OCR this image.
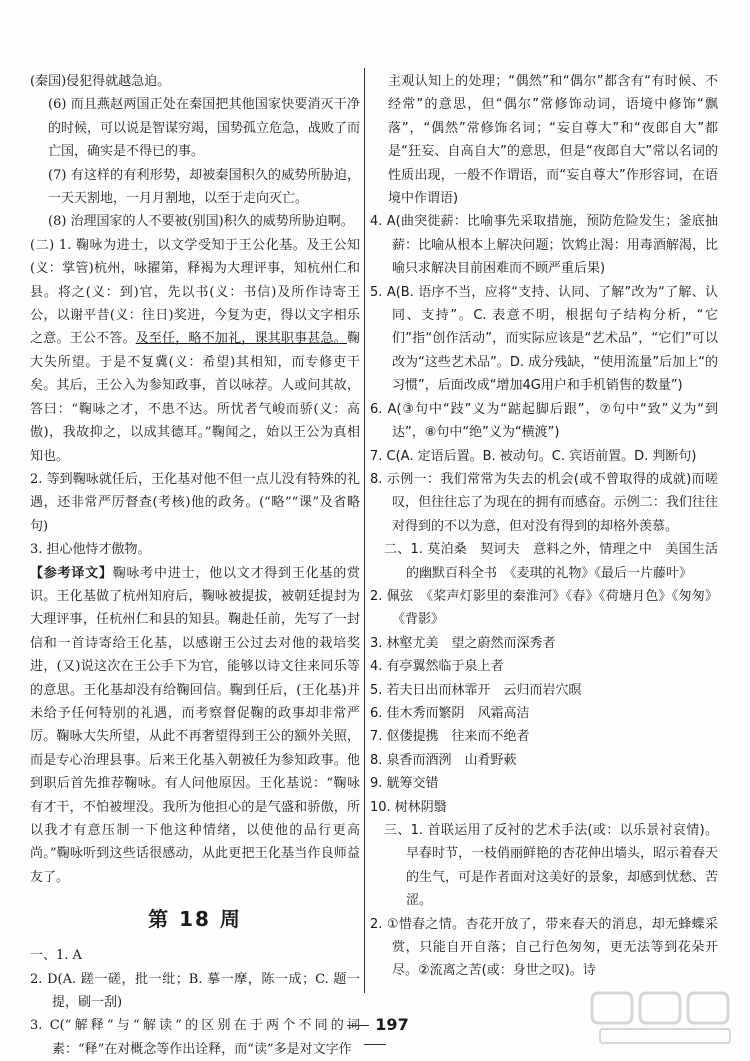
(秦国)侵犯得就越急迫。

(6) 而且燕赵两国正处在秦国把其他国家快要消灭干净的时候，可以说是智谋穷竭，国势孤立危急，战败了而亡国，确实是不得已的事。

(7) 有这样的有利形势，却被秦国积久的威势所胁迫，一天天割地，一月月割地，以至于走向灭亡。

(8) 治理国家的人不要被(别国)积久的威势所胁迫啊。

(二) 1. 鞠咏为进士，以文学受知于王公化基。及王公知(义：掌管)杭州，咏擢第，释褐为大理评事，知杭州仁和县。将之(义：到)官，先以书(义：书信)及所作诗寄王公，以谢平昔(义：往日)奖进，今复为吏，得以文字相乐之意。王公不答。及至任，略不加礼，课其职事甚急。鞠大失所望。于是不复冀(义：希望)其相知，而专修吏干矣。其后，王公入为参知政事，首以咏荐。人或问其故，答曰：“鞠咏之才，不患不达。所忧者气峻而骄(义：高傲)，我故抑之，以成其德耳。”鞠闻之，始以王公为真相知也。

2. 等到鞠咏就任后，王化基对他不但一点儿没有特殊的礼遇，还非常严厉督查(考核)他的政务。(“略”“课”及省略句)

3. 担心他恃才傲物。

【参考译文】鞠咏考中进士，他以文才得到王化基的赏识。王化基做了杭州知府后，鞠咏被提拔，被朝廷提封为大理评事，任杭州仁和县的知县。鞠赴任前，先写了一封信和一首诗寄给王化基，以感谢王公过去对他的栽培奖进，(又)说这次在王公手下为官，能够以诗文往来同乐等的意思。王化基却没有给鞠回信。鞠到任后，(王化基)并未给予任何特别的礼遇，而考察督促鞠的政事却非常严厉。鞠咏大失所望，从此不再奢望得到王公的额外关照，而是专心治理县事。后来王化基入朝被任为参知政事。他到职后首先推荐鞠咏。有人问他原因。王化基说：“鞠咏有才干，不怕被埋没。我所为他担心的是气盛和骄傲，所以我才有意压制一下他这种情绪，以使他的品行更高尚。”鞠咏听到这些话很感动，从此更把王化基当作良师益友了。

第 18 周

一、1. A

2. D(A. 蹉一磋，批一纰；B. 摹一摩，陈一成；C. 题一提，刷一刮)

3. C(“解释”与“解读”的区别在于两个不同的词素：“释”在对概念等作出诠释，而“读”多是对文字作

主观认知上的处理；“偶然”和“偶尔”都含有“有时候、不经常”的意思，但“偶尔”常修饰动词，语境中修饰“飘落”，“偶然”常修饰名词；“妄自尊大”和“夜郎自大”都是“狂妄、自高自大”的意思，但是“夜郎自大”常以名词的性质出现，一般不作谓语，而“妄自尊大”作形容词，在语境中作谓语)

4. A(曲突徙薪：比喻事先采取措施，预防危险发生；釜底抽薪：比喻从根本上解决问题；饮鸩止渴：用毒酒解渴，比喻只求解决目前困难而不顾严重后果)

5. A(B. 语序不当，应将“支持、认同、了解”改为“了解、认同、支持”。C. 表意不明，根据句子结构分析，“它们”指“创作活动”，而实际应该是“艺术品”，“它们”可以改为“这些艺术品”。D. 成分残缺，“使用流量”后加上“的习惯”，后面改成“增加4G用户和手机销售的数量”)

6. A(③句中“跂”义为“踮起脚后跟”，⑦句中“致”义为“到达”，⑧句中“绝”义为“横渡”)

7. C(A. 定语后置。B. 被动句。C. 宾语前置。D. 判断句)

8. 示例一：我们常常为失去的机会(或不曾取得的成就)而嗟叹，但往往忘了为现在的拥有而感奋。示例二：我们往往对得到的不以为意，但对没有得到的却格外羡慕。

二、1. 莫泊桑　契诃夫　意料之外，情理之中　美国生活的幽默百科全书　《麦琪的礼物》《最后一片藤叶》

2. 佩弦　《桨声灯影里的秦淮河》《春》《荷塘月色》《匆匆》《背影》

3. 林壑尤美　望之蔚然而深秀者

4. 有亭翼然临于泉上者

5. 若夫日出而林霏开　云归而岩穴暝

6. 佳木秀而繁阴　风霜高洁

7. 伛偻提携　往来而不绝者

8. 泉香而酒洌　山肴野蔌

9. 觥筹交错

10. 树林阴翳

三、1. 首联运用了反衬的艺术手法(或：以乐景衬哀情)。早春时节，一枝俏丽鲜艳的杏花伸出墙头，昭示着春天的生气，可是作者面对这美好的景象，却感到忧愁、苦涩。

2. ①惜春之情。杏花开放了，带来春天的消息，却无蜂蝶采赏，只能自开自落；自己行色匆匆，更无法等到花朵开尽。②流离之苦(或：身世之叹)。诗

197
